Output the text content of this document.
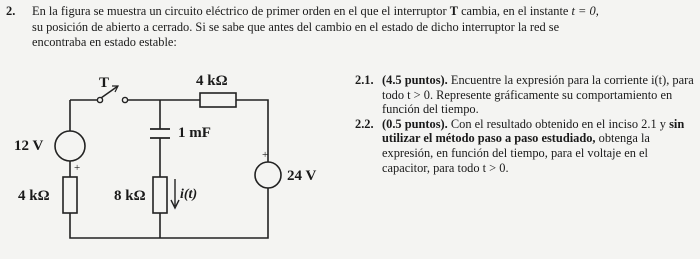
2. En la figura se muestra un circuito eléctrico de primer orden en el que el interruptor T cambia, en el instante t = 0,
su posición de abierto a cerrado. Si se sabe que antes del cambio en el estado de dicho interruptor la red se
encontraba en estado estable:
T	4 kΩ
12 V
+
1 mF
+
24 V
4 kΩ	8 kΩ i(t)
2.1. (4.5 puntos). Encuentre la expresión para la corriente i(t), para todo t > 0. Represente gráficamente su comportamiento en función del tiempo.
2.2. (0.5 puntos). Con el resultado obtenido en el inciso 2.1 y sin utilizar el método paso a paso estudiado, obtenga la expresión, en función del tiempo, para el voltaje en el capacitor, para todo t > 0.
